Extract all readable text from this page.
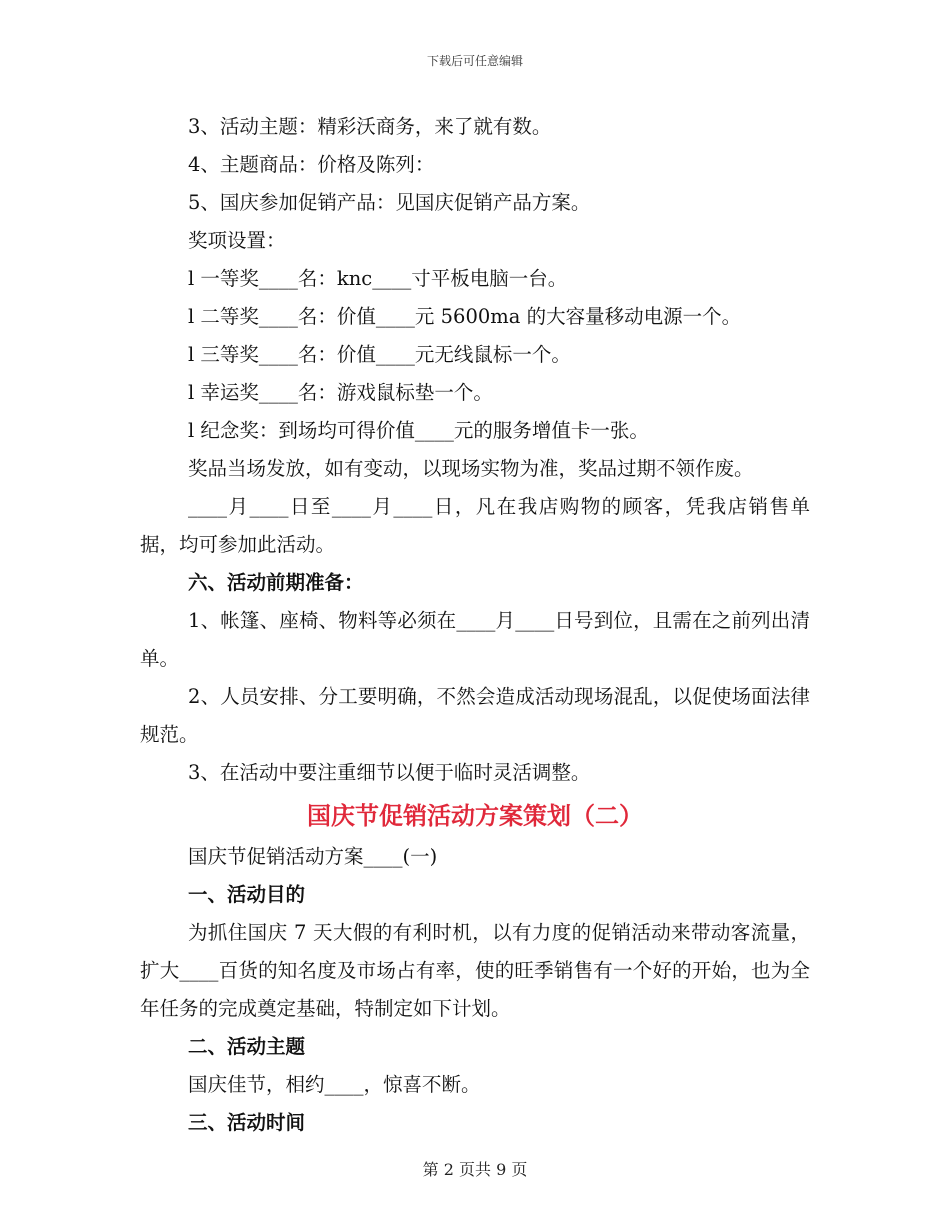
下载后可任意编辑

3、活动主题：精彩沃商务，来了就有数。

4、主题商品：价格及陈列：

5、国庆参加促销产品：见国庆促销产品方案。

奖项设置：

l 一等奖____名：knc____寸平板电脑一台。

l 二等奖____名：价值____元 5600ma 的大容量移动电源一个。

l 三等奖____名：价值____元无线鼠标一个。

l 幸运奖____名：游戏鼠标垫一个。

l 纪念奖：到场均可得价值____元的服务增值卡一张。

奖品当场发放，如有变动，以现场实物为准，奖品过期不领作废。

____月____日至____月____日，凡在我店购物的顾客，凭我店销售单据，均可参加此活动。

六、活动前期准备：

1、帐篷、座椅、物料等必须在____月____日号到位，且需在之前列出清单。

2、人员安排、分工要明确，不然会造成活动现场混乱，以促使场面法律规范。

3、在活动中要注重细节以便于临时灵活调整。

国庆节促销活动方案策划（二）

国庆节促销活动方案____(一)

一、活动目的

为抓住国庆 7 天大假的有利时机，以有力度的促销活动来带动客流量，扩大____百货的知名度及市场占有率，使的旺季销售有一个好的开始，也为全年任务的完成奠定基础，特制定如下计划。

二、活动主题

国庆佳节，相约____，惊喜不断。

三、活动时间

第 2 页共 9 页
